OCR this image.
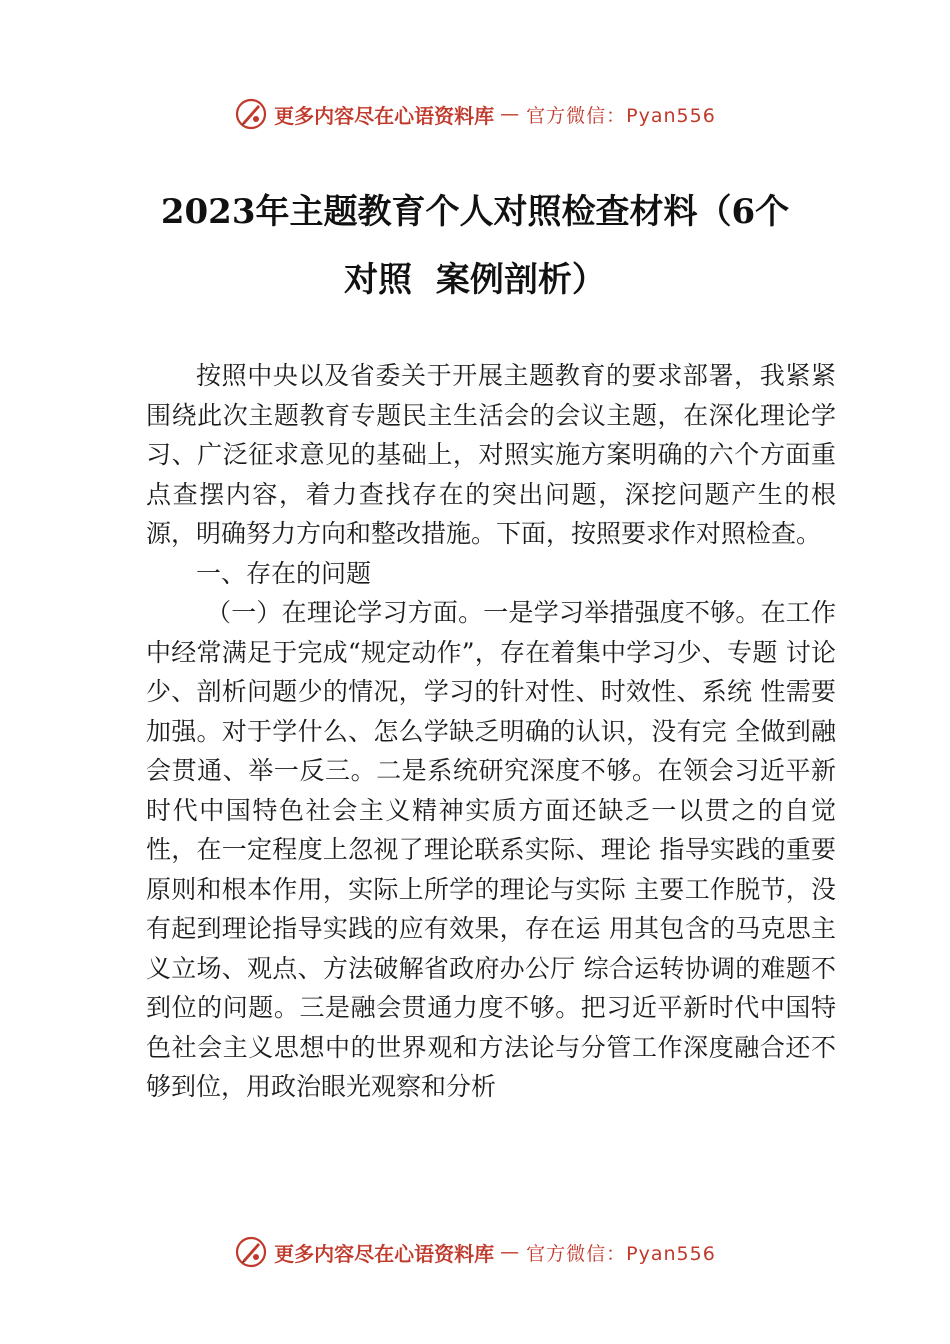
更多内容尽在心语资料库 — 官方微信：Pyan556
2023年主题教育个人对照检查材料（6个
对照  案例剖析）

按照中央以及省委关于开展主题教育的要求部署，我紧紧围绕此次主题教育专题民主生活会的会议主题，在深化理论学习、广泛征求意见的基础上，对照实施方案明确的六个方面重点查摆内容，着力查找存在的突出问题，深挖问题产生的根源，明确努力方向和整改措施。下面，按照要求作对照检查。

一、存在的问题

（一）在理论学习方面。一是学习举措强度不够。在工作中经常满足于完成“规定动作”，存在着集中学习少、专题 讨论少、剖析问题少的情况，学习的针对性、时效性、系统 性需要加强。对于学什么、怎么学缺乏明确的认识，没有完 全做到融会贯通、举一反三。二是系统研究深度不够。在领会习近平新时代中国特色社会主义精神实质方面还缺乏一以贯之的自觉性，在一定程度上忽视了理论联系实际、理论 指导实践的重要原则和根本作用，实际上所学的理论与实际 主要工作脱节，没有起到理论指导实践的应有效果，存在运 用其包含的马克思主义立场、观点、方法破解省政府办公厅 综合运转协调的难题不到位的问题。三是融会贯通力度不够。把习近平新时代中国特色社会主义思想中的世界观和方法论与分管工作深度融合还不够到位，用政治眼光观察和分析

更多内容尽在心语资料库 — 官方微信：Pyan556
